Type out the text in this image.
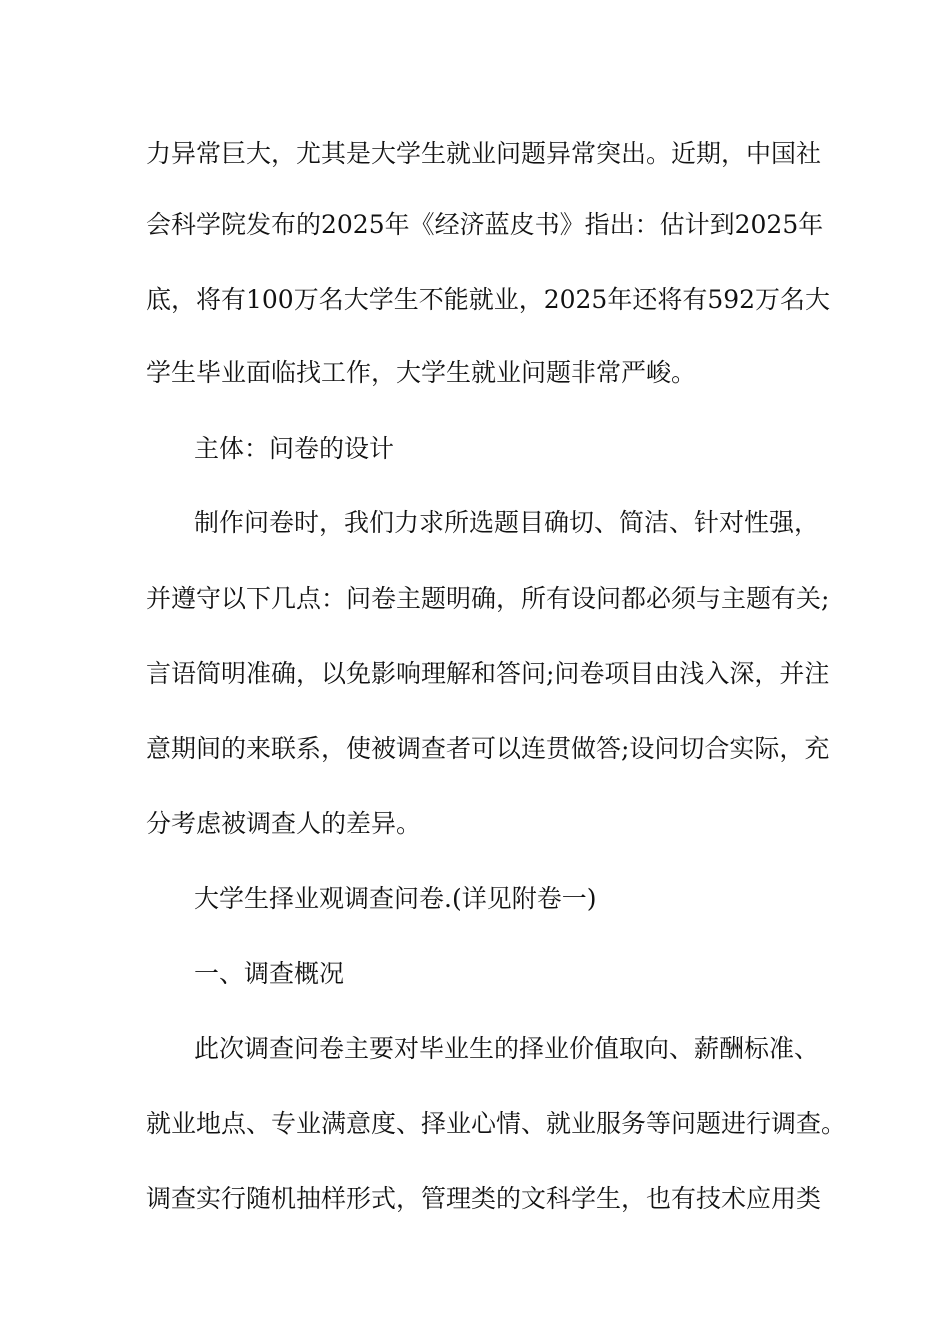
力异常巨大，尤其是大学生就业问题异常突出。近期，中国社
会科学院发布的2025年《经济蓝皮书》指出：估计到2025年
底，将有100万名大学生不能就业，2025年还将有592万名大
学生毕业面临找工作，大学生就业问题非常严峻。
主体：问卷的设计
制作问卷时，我们力求所选题目确切、简洁、针对性强，
并遵守以下几点：问卷主题明确，所有设问都必须与主题有关;
言语简明准确，以免影响理解和答问;问卷项目由浅入深，并注
意期间的来联系，使被调查者可以连贯做答;设问切合实际，充
分考虑被调查人的差异。
大学生择业观调查问卷.(详见附卷一)
一、调查概况
此次调查问卷主要对毕业生的择业价值取向、薪酬标准、
就业地点、专业满意度、择业心情、就业服务等问题进行调查。
调查实行随机抽样形式，管理类的文科学生，也有技术应用类
